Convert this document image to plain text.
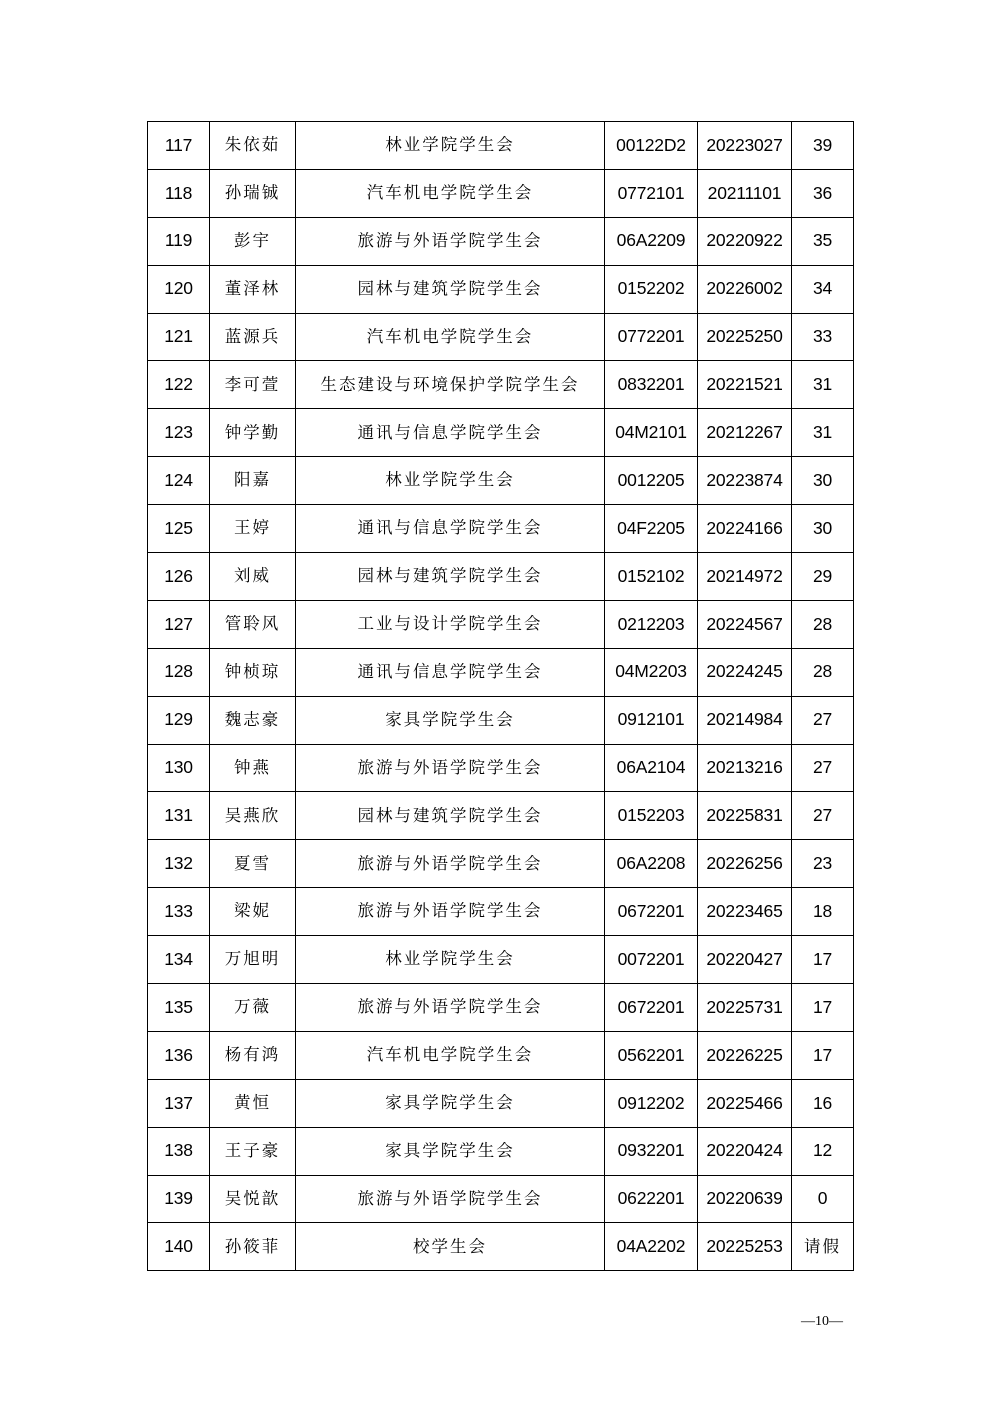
117	朱依茹	林业学院学生会	00122D2	20223027	39
118	孙瑞铖	汽车机电学院学生会	0772101	20211101	36
119	彭宇	旅游与外语学院学生会	06A2209	20220922	35
120	董泽林	园林与建筑学院学生会	0152202	20226002	34
121	蓝源兵	汽车机电学院学生会	0772201	20225250	33
122	李可萱	生态建设与环境保护学院学生会	0832201	20221521	31
123	钟学勤	通讯与信息学院学生会	04M2101	20212267	31
124	阳嘉	林业学院学生会	0012205	20223874	30
125	王婷	通讯与信息学院学生会	04F2205	20224166	30
126	刘威	园林与建筑学院学生会	0152102	20214972	29
127	管聆风	工业与设计学院学生会	0212203	20224567	28
128	钟桢琼	通讯与信息学院学生会	04M2203	20224245	28
129	魏志豪	家具学院学生会	0912101	20214984	27
130	钟燕	旅游与外语学院学生会	06A2104	20213216	27
131	吴燕欣	园林与建筑学院学生会	0152203	20225831	27
132	夏雪	旅游与外语学院学生会	06A2208	20226256	23
133	梁妮	旅游与外语学院学生会	0672201	20223465	18
134	万旭明	林业学院学生会	0072201	20220427	17
135	万薇	旅游与外语学院学生会	0672201	20225731	17
136	杨有鸿	汽车机电学院学生会	0562201	20226225	17
137	黄恒	家具学院学生会	0912202	20225466	16
138	王子豪	家具学院学生会	0932201	20220424	12
139	吴悦歆	旅游与外语学院学生会	0622201	20220639	0
140	孙筱菲	校学生会	04A2202	20225253	请假
—10—
